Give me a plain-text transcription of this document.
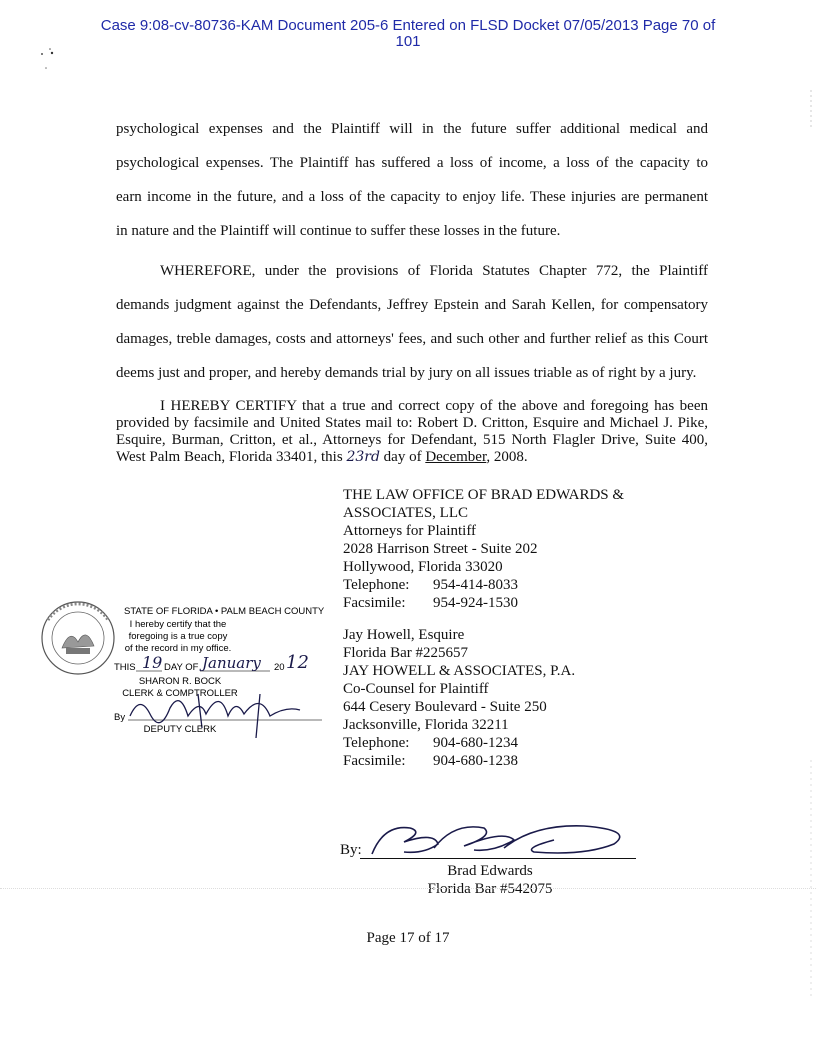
Case 9:08-cv-80736-KAM Document 205-6 Entered on FLSD Docket 07/05/2013 Page 70 of
101
psychological expenses and the Plaintiff will in the future suffer additional medical and
psychological expenses. The Plaintiff has suffered a loss of income, a loss of the capacity to
earn income in the future, and a loss of the capacity to enjoy life. These injuries are permanent
in nature and the Plaintiff will continue to suffer these losses in the future.
WHEREFORE, under the provisions of Florida Statutes Chapter 772, the Plaintiff
demands judgment against the Defendants, Jeffrey Epstein and Sarah Kellen, for compensatory
damages, treble damages, costs and attorneys' fees, and such other and further relief as this Court
deems just and proper, and hereby demands trial by jury on all issues triable as of right by a jury.
I HEREBY CERTIFY that a true and correct copy of the above and foregoing has been
provided by facsimile and United States mail to: Robert D. Critton, Esquire and Michael J. Pike,
Esquire, Burman, Critton, et al., Attorneys for Defendant, 515 North Flagler Drive, Suite 400,
West Palm Beach, Florida 33401, this 23rd day of December, 2008.
THE LAW OFFICE OF BRAD EDWARDS &
ASSOCIATES, LLC
Attorneys for Plaintiff
2028 Harrison Street - Suite 202
Hollywood, Florida 33020
Telephone: 954-414-8033
Facsimile: 954-924-1530
Jay Howell, Esquire
Florida Bar #225657
JAY HOWELL & ASSOCIATES, P.A.
Co-Counsel for Plaintiff
644 Cesery Boulevard - Suite 250
Jacksonville, Florida 32211
Telephone: 904-680-1234
Facsimile: 904-680-1238
STATE OF FLORIDA • PALM BEACH COUNTY
I hereby certify that the
foregoing is a true copy
of the record in my office.
THIS 19 DAY OF January 20 12
SHARON R. BOCK
CLERK & COMPTROLLER
By
DEPUTY CLERK
By:
Brad Edwards
Florida Bar #542075
Page 17 of 17
